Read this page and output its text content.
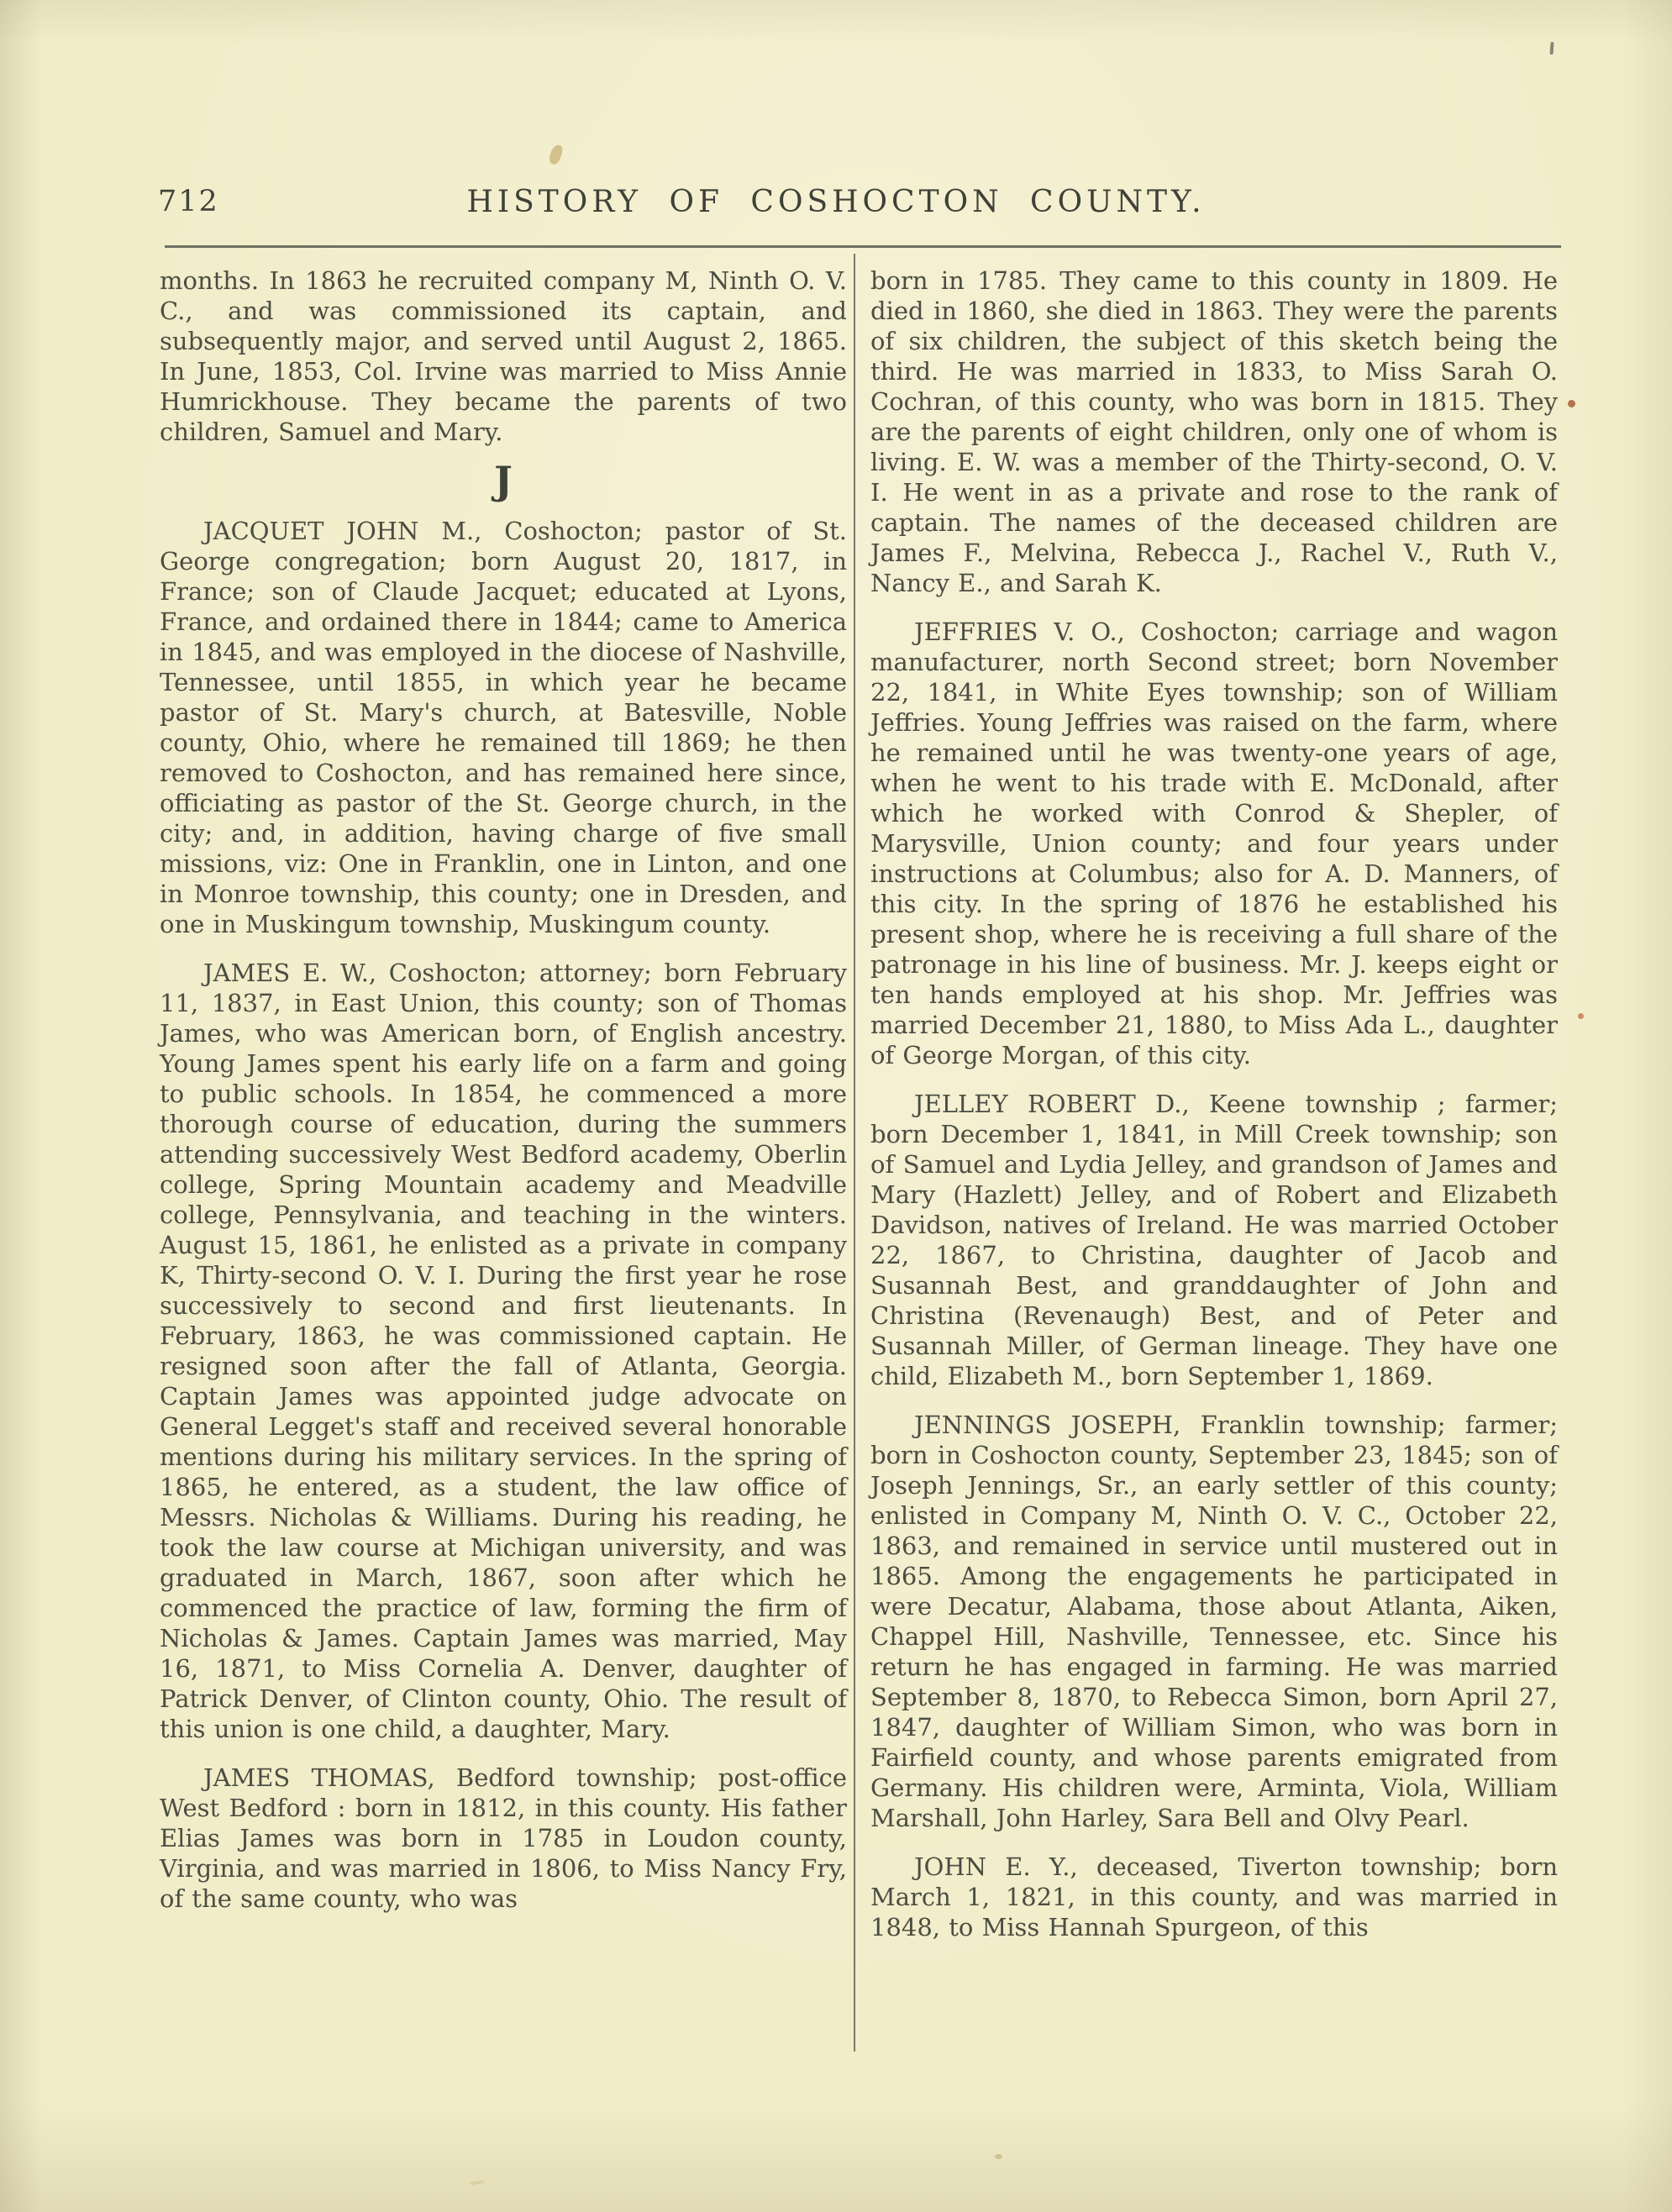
712	HISTORY OF COSHOCTON COUNTY.

months. In 1863 he recruited company M, Ninth O. V. C., and was commissioned its captain, and subsequently major, and served until August 2, 1865. In June, 1853, Col. Irvine was married to Miss Annie Humrickhouse. They became the parents of two children, Samuel and Mary.

J

JACQUET JOHN M., Coshocton; pastor of St. George congregation; born August 20, 1817, in France; son of Claude Jacquet; educated at Lyons, France, and ordained there in 1844; came to America in 1845, and was employed in the diocese of Nashville, Tennessee, until 1855, in which year he became pastor of St. Mary's church, at Batesville, Noble county, Ohio, where he remained till 1869; he then removed to Coshocton, and has remained here since, officiating as pastor of the St. George church, in the city; and, in addition, having charge of five small missions, viz: One in Franklin, one in Linton, and one in Monroe township, this county; one in Dresden, and one in Muskingum township, Muskingum county.

JAMES E. W., Coshocton; attorney; born February 11, 1837, in East Union, this county; son of Thomas James, who was American born, of English ancestry. Young James spent his early life on a farm and going to public schools. In 1854, he commenced a more thorough course of education, during the summers attending successively West Bedford academy, Oberlin college, Spring Mountain academy and Meadville college, Pennsylvania, and teaching in the winters. August 15, 1861, he enlisted as a private in company K, Thirty-second O. V. I. During the first year he rose successively to second and first lieutenants. In February, 1863, he was commissioned captain. He resigned soon after the fall of Atlanta, Georgia. Captain James was appointed judge advocate on General Legget's staff and received several honorable mentions during his military services. In the spring of 1865, he entered, as a student, the law office of Messrs. Nicholas & Williams. During his reading, he took the law course at Michigan university, and was graduated in March, 1867, soon after which he commenced the practice of law, forming the firm of Nicholas & James. Captain James was married, May 16, 1871, to Miss Cornelia A. Denver, daughter of Patrick Denver, of Clinton county, Ohio. The result of this union is one child, a daughter, Mary.

JAMES THOMAS, Bedford township; post-office West Bedford : born in 1812, in this county. His father Elias James was born in 1785 in Loudon county, Virginia, and was married in 1806, to Miss Nancy Fry, of the same county, who was

born in 1785. They came to this county in 1809. He died in 1860, she died in 1863. They were the parents of six children, the subject of this sketch being the third. He was married in 1833, to Miss Sarah O. Cochran, of this county, who was born in 1815. They are the parents of eight children, only one of whom is living. E. W. was a member of the Thirty-second, O. V. I. He went in as a private and rose to the rank of captain. The names of the deceased children are James F., Melvina, Rebecca J., Rachel V., Ruth V., Nancy E., and Sarah K.

JEFFRIES V. O., Coshocton; carriage and wagon manufacturer, north Second street; born November 22, 1841, in White Eyes township; son of William Jeffries. Young Jeffries was raised on the farm, where he remained until he was twenty-one years of age, when he went to his trade with E. McDonald, after which he worked with Conrod & Shepler, of Marysville, Union county; and four years under instructions at Columbus; also for A. D. Manners, of this city. In the spring of 1876 he established his present shop, where he is receiving a full share of the patronage in his line of business. Mr. J. keeps eight or ten hands employed at his shop. Mr. Jeffries was married December 21, 1880, to Miss Ada L., daughter of George Morgan, of this city.

JELLEY ROBERT D., Keene township ; farmer; born December 1, 1841, in Mill Creek township; son of Samuel and Lydia Jelley, and grandson of James and Mary (Hazlett) Jelley, and of Robert and Elizabeth Davidson, natives of Ireland. He was married October 22, 1867, to Christina, daughter of Jacob and Susannah Best, and granddaughter of John and Christina (Revenaugh) Best, and of Peter and Susannah Miller, of German lineage. They have one child, Elizabeth M., born September 1, 1869.

JENNINGS JOSEPH, Franklin township; farmer; born in Coshocton county, September 23, 1845; son of Joseph Jennings, Sr., an early settler of this county; enlisted in Company M, Ninth O. V. C., October 22, 1863, and remained in service until mustered out in 1865. Among the engagements he participated in were Decatur, Alabama, those about Atlanta, Aiken, Chappel Hill, Nashville, Tennessee, etc. Since his return he has engaged in farming. He was married September 8, 1870, to Rebecca Simon, born April 27, 1847, daughter of William Simon, who was born in Fairfield county, and whose parents emigrated from Germany. His children were, Arminta, Viola, William Marshall, John Harley, Sara Bell and Olvy Pearl.

JOHN E. Y., deceased, Tiverton township; born March 1, 1821, in this county, and was married in 1848, to Miss Hannah Spurgeon, of this
